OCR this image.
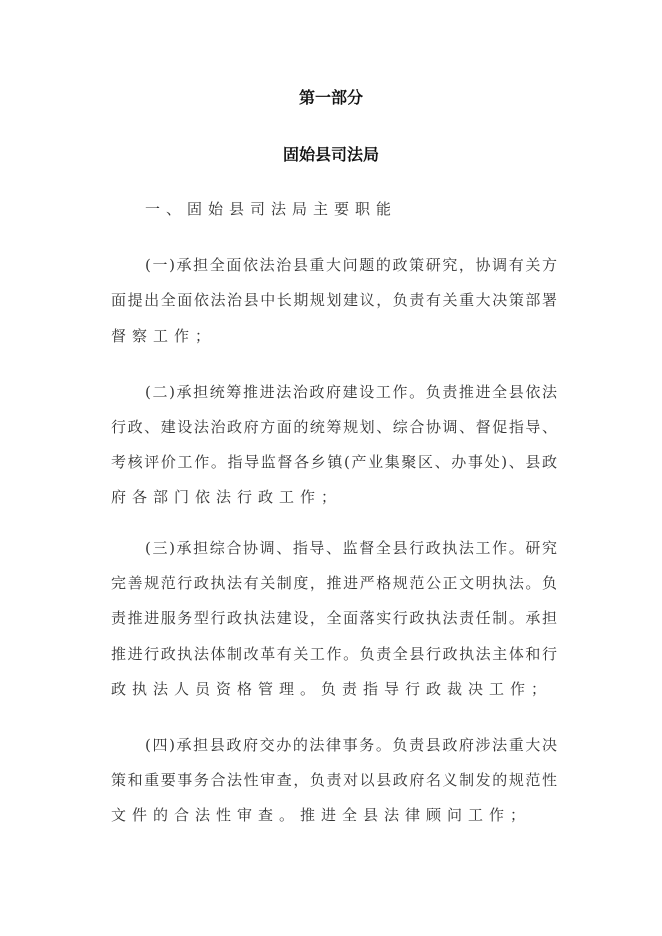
第一部分
固始县司法局
一、固始县司法局主要职能
(一)承担全面依法治县重大问题的政策研究，协调有关方
面提出全面依法治县中长期规划建议，负责有关重大决策部署
督察工作；
(二)承担统筹推进法治政府建设工作。负责推进全县依法
行政、建设法治政府方面的统筹规划、综合协调、督促指导、
考核评价工作。指导监督各乡镇(产业集聚区、办事处)、县政
府各部门依法行政工作；
(三)承担综合协调、指导、监督全县行政执法工作。研究
完善规范行政执法有关制度，推进严格规范公正文明执法。负
责推进服务型行政执法建设，全面落实行政执法责任制。承担
推进行政执法体制改革有关工作。负责全县行政执法主体和行
政执法人员资格管理。负责指导行政裁决工作；
(四)承担县政府交办的法律事务。负责县政府涉法重大决
策和重要事务合法性审查，负责对以县政府名义制发的规范性
文件的合法性审查。推进全县法律顾问工作；
